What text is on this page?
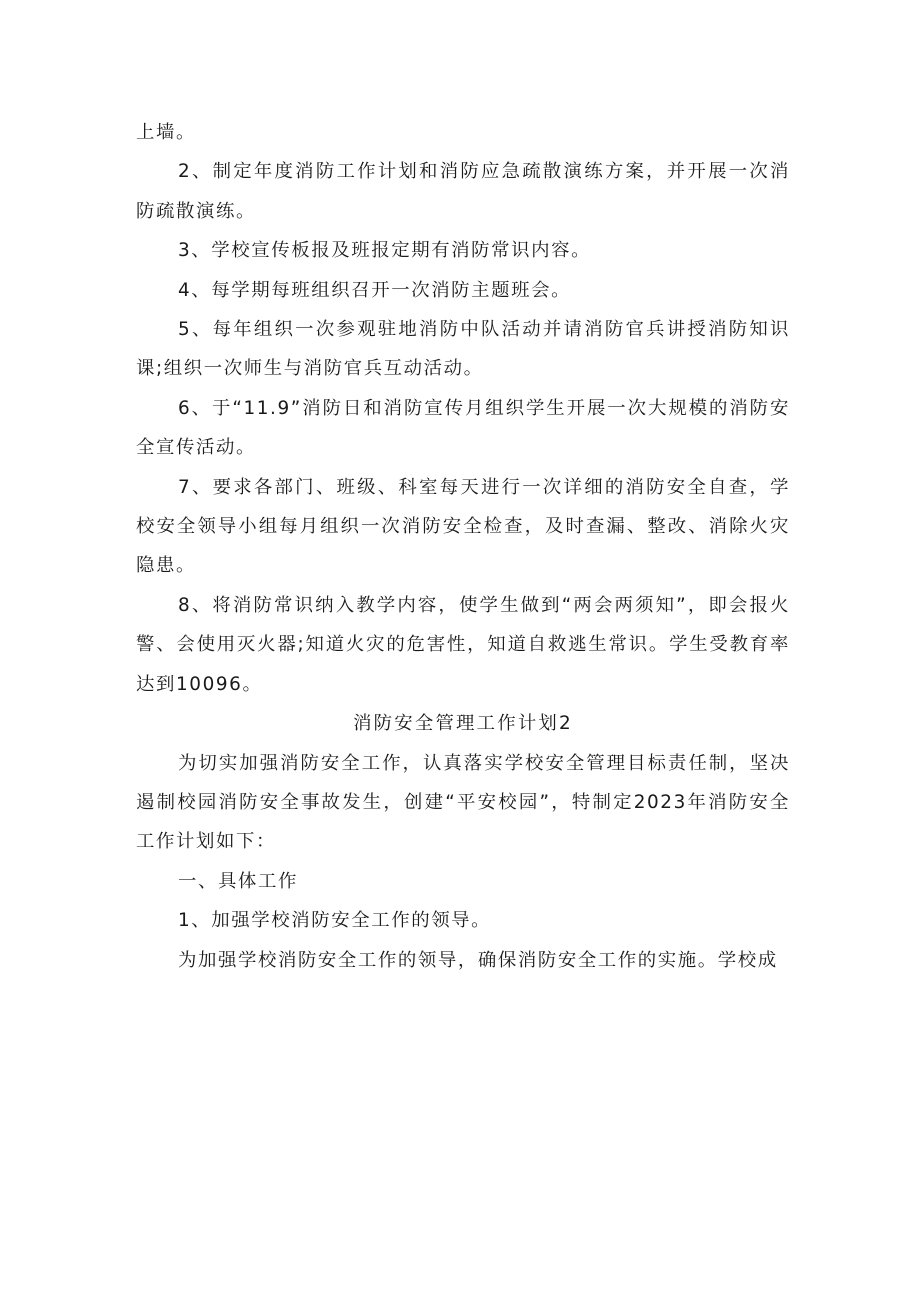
上墙。

2、制定年度消防工作计划和消防应急疏散演练方案，并开展一次消防疏散演练。

3、学校宣传板报及班报定期有消防常识内容。

4、每学期每班组织召开一次消防主题班会。

5、每年组织一次参观驻地消防中队活动并请消防官兵讲授消防知识课;组织一次师生与消防官兵互动活动。

6、于“11.9”消防日和消防宣传月组织学生开展一次大规模的消防安全宣传活动。

7、要求各部门、班级、科室每天进行一次详细的消防安全自查，学校安全领导小组每月组织一次消防安全检查，及时查漏、整改、消除火灾隐患。

8、将消防常识纳入教学内容，使学生做到“两会两须知”，即会报火警、会使用灭火器;知道火灾的危害性，知道自救逃生常识。学生受教育率达到10096。

消防安全管理工作计划2

为切实加强消防安全工作，认真落实学校安全管理目标责任制，坚决遏制校园消防安全事故发生，创建“平安校园”，特制定2023年消防安全工作计划如下：

一、具体工作

1、加强学校消防安全工作的领导。

为加强学校消防安全工作的领导，确保消防安全工作的实施。学校成
